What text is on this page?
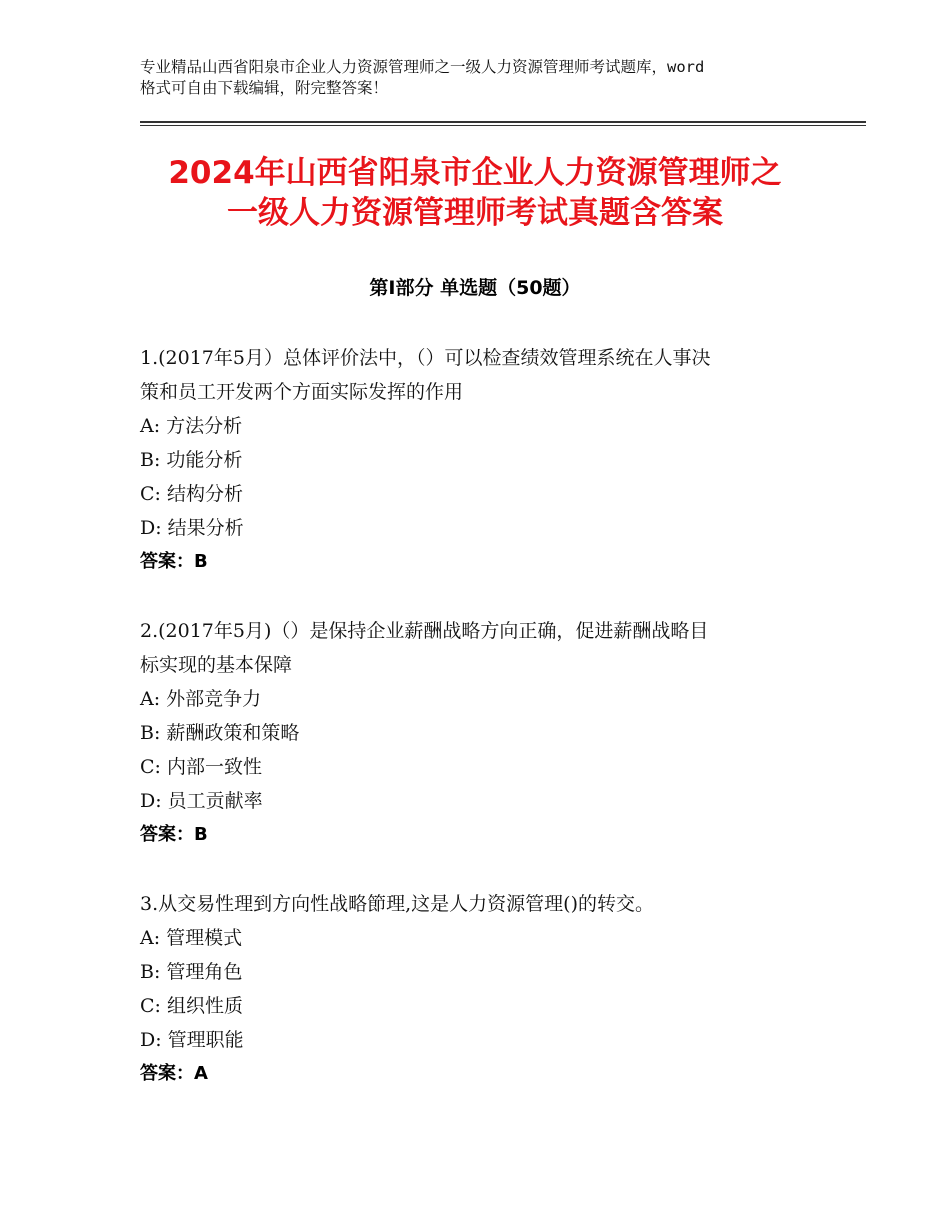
专业精品山西省阳泉市企业人力资源管理师之一级人力资源管理师考试题库，word
格式可自由下载编辑，附完整答案！
2024年山西省阳泉市企业人力资源管理师之
一级人力资源管理师考试真题含答案
第Ⅰ部分 单选题（50题）

1.(2017年5月）总体评价法中，（）可以检查绩效管理系统在人事决

策和员工开发两个方面实际发挥的作用

A: 方法分析

B: 功能分析

C: 结构分析

D: 结果分析

答案：B

2.(2017年5月)（）是保持企业薪酬战略方向正确，促进薪酬战略目

标实现的基本保障

A: 外部竞争力

B: 薪酬政策和策略

C: 内部一致性

D: 员工贡献率

答案：B

3.从交易性理到方向性战略節理,这是人力资源管理()的转交。

A: 管理模式

B: 管理角色

C: 组织性质

D: 管理职能

答案：A
